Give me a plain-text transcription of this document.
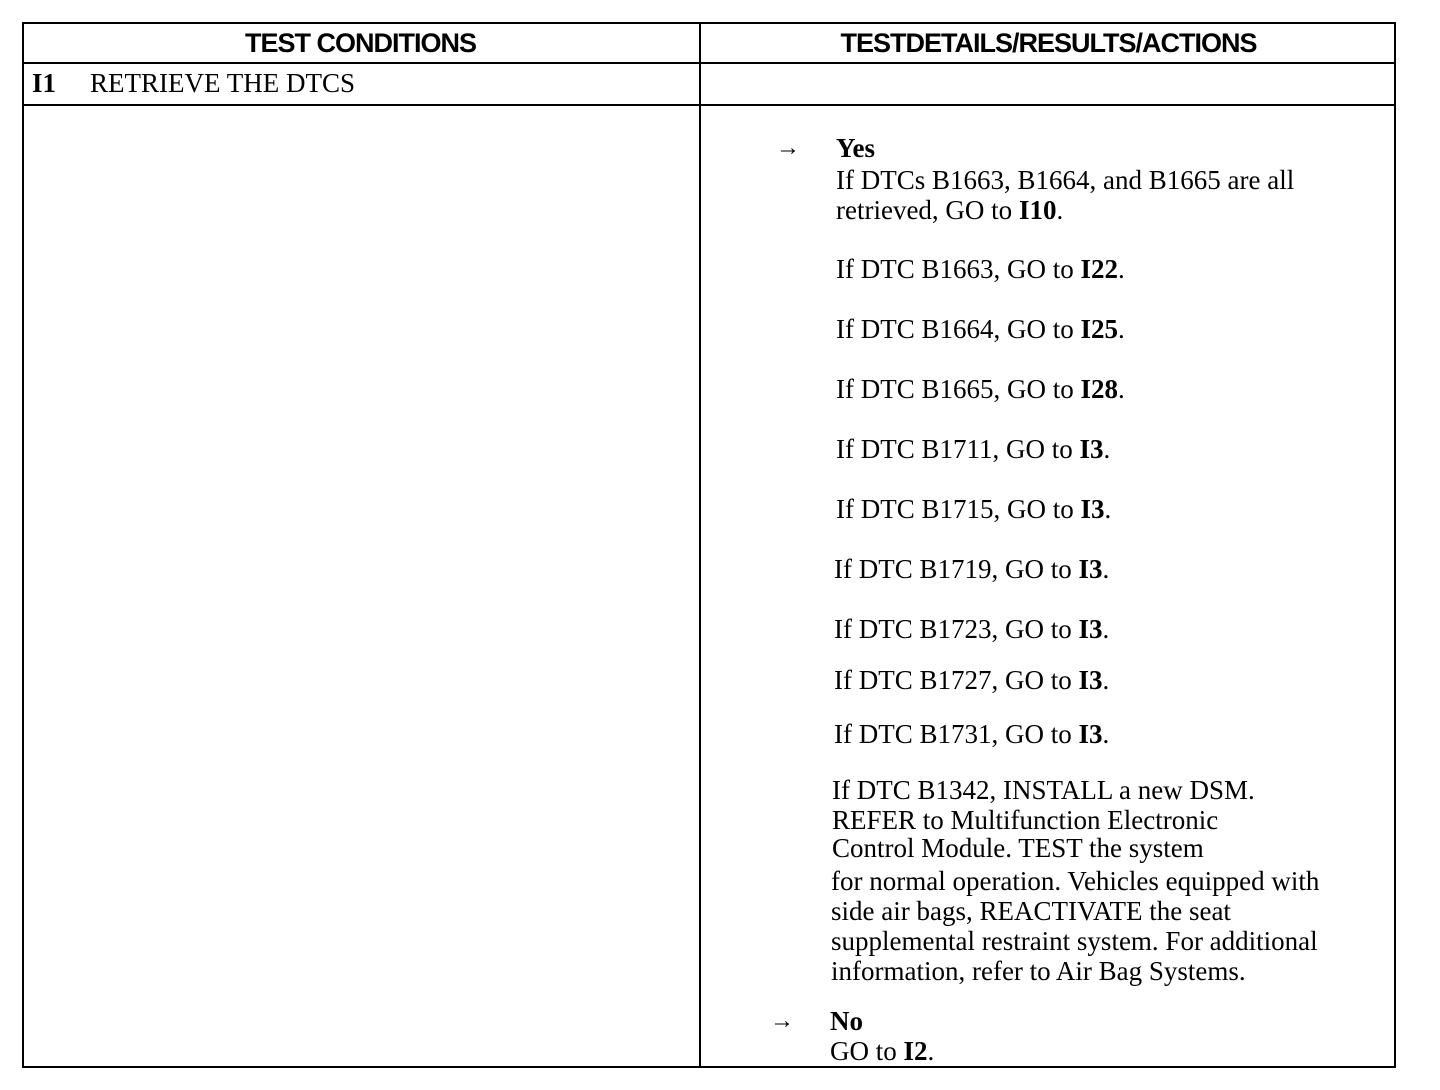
TEST CONDITIONS	TESTDETAILS/RESULTS/ACTIONS
I1	RETRIEVE THE DTCS
→ Yes
If DTCs B1663, B1664, and B1665 are all
retrieved, GO to I10.
If DTC B1663, GO to I22.
If DTC B1664, GO to I25.
If DTC B1665, GO to I28.
If DTC B1711, GO to I3.
If DTC B1715, GO to I3.
If DTC B1719, GO to I3.
If DTC B1723, GO to I3.
If DTC B1727, GO to I3.
If DTC B1731, GO to I3.
If DTC B1342, INSTALL a new DSM.
REFER to Multifunction Electronic
Control Module. TEST the system
for normal operation. Vehicles equipped with
side air bags, REACTIVATE the seat
supplemental restraint system. For additional
information, refer to Air Bag Systems.
→ No
GO to I2.
